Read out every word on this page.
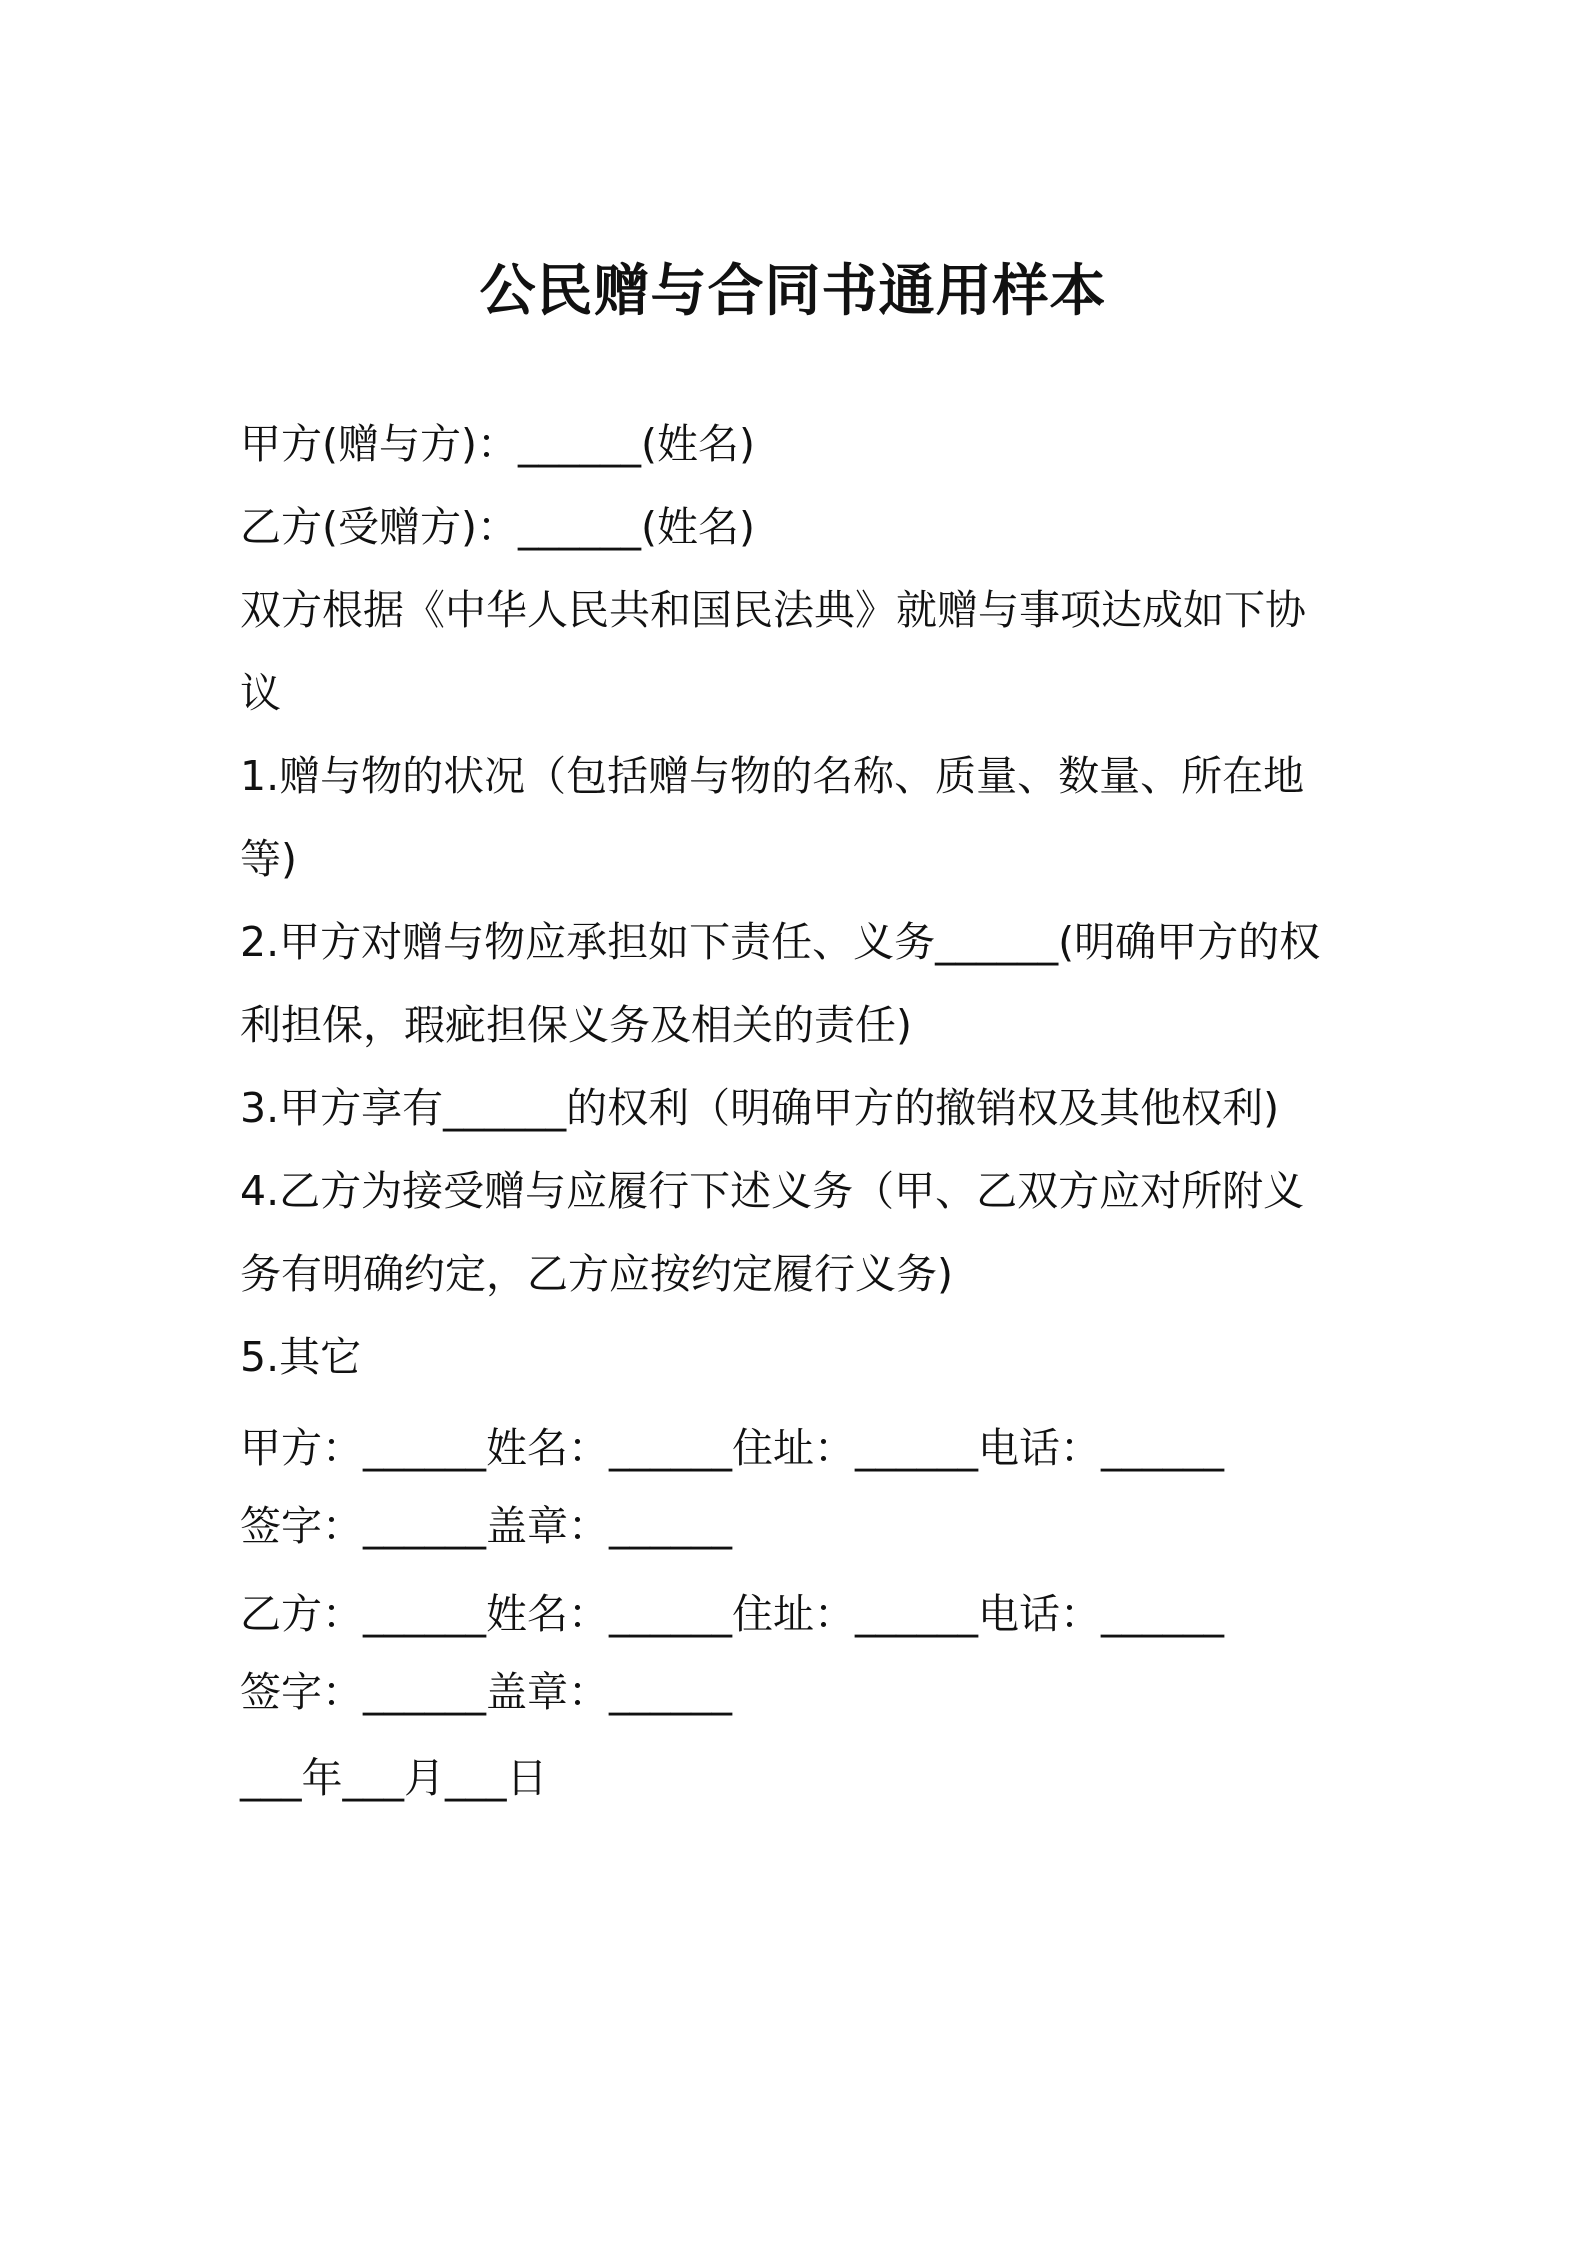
公民赠与合同书通用样本
甲方(赠与方)：______(姓名)
乙方(受赠方)：______(姓名)
双方根据《中华人民共和国民法典》就赠与事项达成如下协
议
1.赠与物的状况（包括赠与物的名称、质量、数量、所在地
等)
2.甲方对赠与物应承担如下责任、义务______(明确甲方的权
利担保，瑕疵担保义务及相关的责任)
3.甲方享有______的权利（明确甲方的撤销权及其他权利)
4.乙方为接受赠与应履行下述义务（甲、乙双方应对所附义
务有明确约定，乙方应按约定履行义务)
5.其它
甲方：______姓名：______住址：______电话：______
签字：______盖章：______
乙方：______姓名：______住址：______电话：______
签字：______盖章：______
___年___月___日
